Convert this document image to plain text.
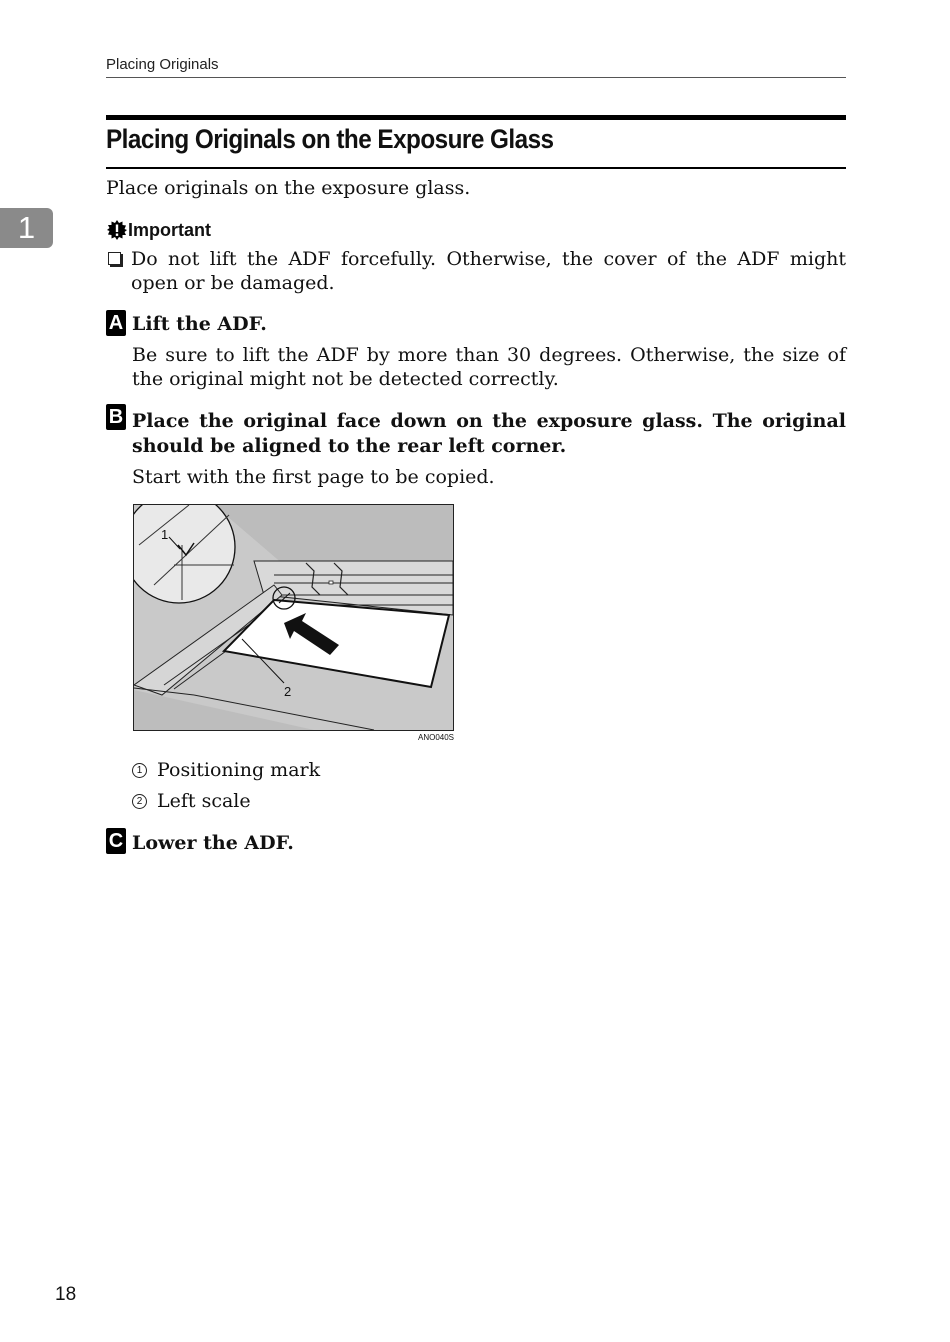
Placing Originals
Placing Originals on the Exposure Glass
1
Place originals on the exposure glass.
Important
Do not lift the ADF forcefully. Otherwise, the cover of the ADF might open or be damaged.
A Lift the ADF.
Be sure to lift the ADF by more than 30 degrees. Otherwise, the size of the original might not be detected correctly.
B Place the original face down on the exposure glass. The original should be aligned to the rear left corner.
Start with the first page to be copied.
1
2
ANO040S
1 Positioning mark
2 Left scale
C Lower the ADF.
18
